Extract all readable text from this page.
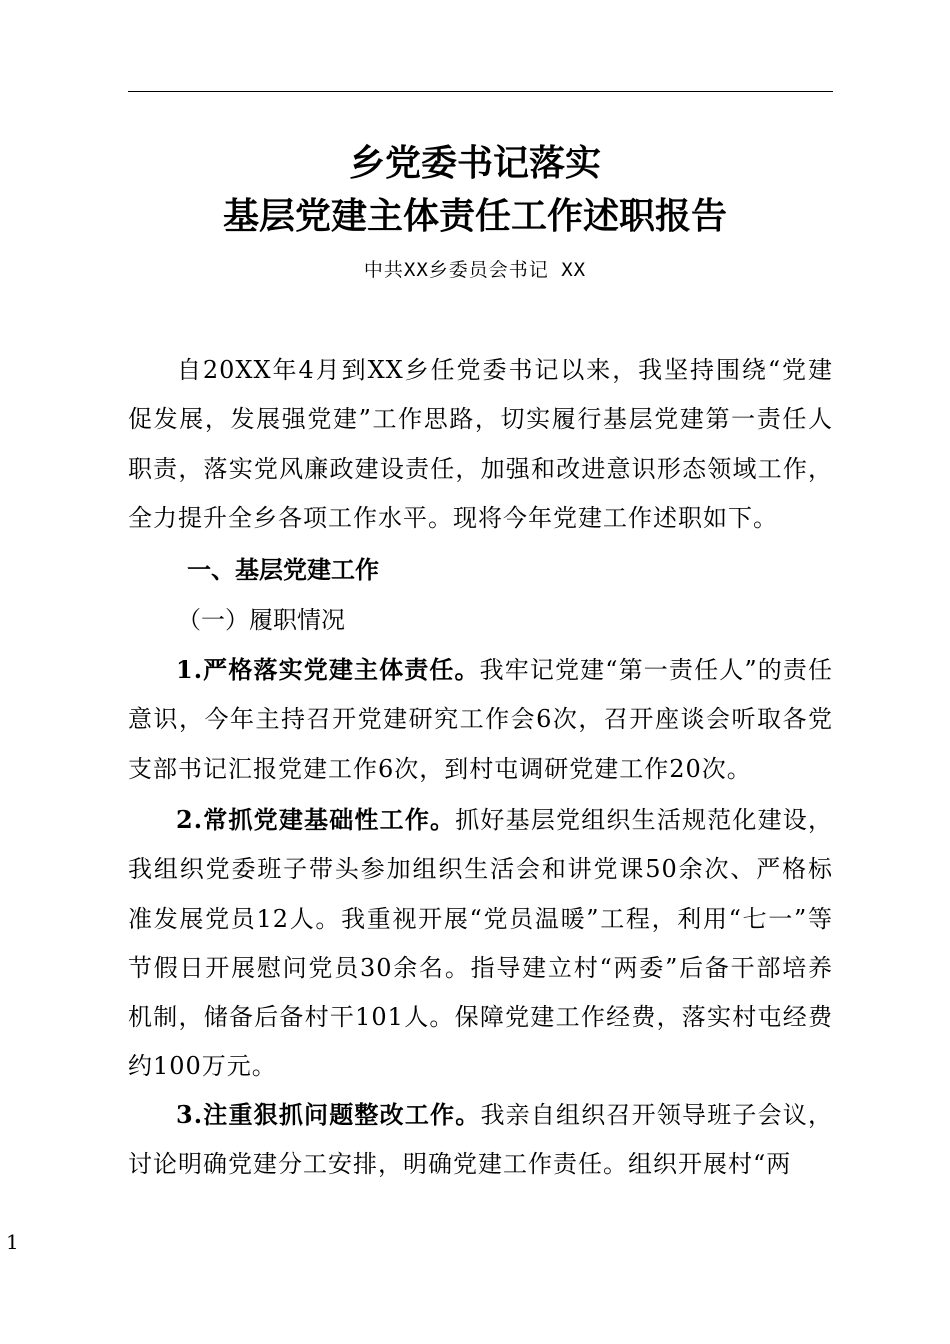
乡党委书记落实
基层党建主体责任工作述职报告
中共XX乡委员会书记 XX
自20XX年4月到XX乡任党委书记以来，我坚持围绕“党建促发展，发展强党建”工作思路，切实履行基层党建第一责任人职责，落实党风廉政建设责任，加强和改进意识形态领域工作，全力提升全乡各项工作水平。现将今年党建工作述职如下。
一、基层党建工作
（一）履职情况
1.严格落实党建主体责任。我牢记党建“第一责任人”的责任意识，今年主持召开党建研究工作会6次，召开座谈会听取各党支部书记汇报党建工作6次，到村屯调研党建工作20次。
2.常抓党建基础性工作。抓好基层党组织生活规范化建设，我组织党委班子带头参加组织生活会和讲党课50余次、严格标准发展党员12人。我重视开展“党员温暖”工程，利用“七一”等节假日开展慰问党员30余名。指导建立村“两委”后备干部培养机制，储备后备村干101人。保障党建工作经费，落实村屯经费约100万元。
3.注重狠抓问题整改工作。我亲自组织召开领导班子会议，讨论明确党建分工安排，明确党建工作责任。组织开展村“两
1
